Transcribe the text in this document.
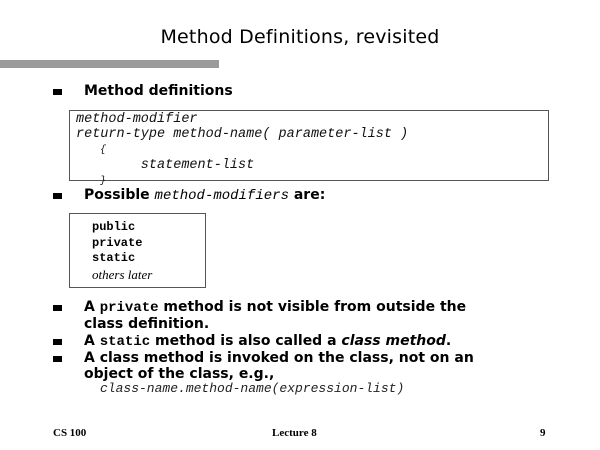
Method Definitions, revisited
Method definitions
method-modifier
return-type method-name( parameter-list )
{
statement-list
}
Possible method-modifiers are:
public
private
static
others later
A private method is not visible from outside the
class definition.
A static method is also called a class method.
A class method is invoked on the class, not on an
object of the class, e.g.,
class-name.method-name(expression-list)
CS 100	Lecture 8	9
